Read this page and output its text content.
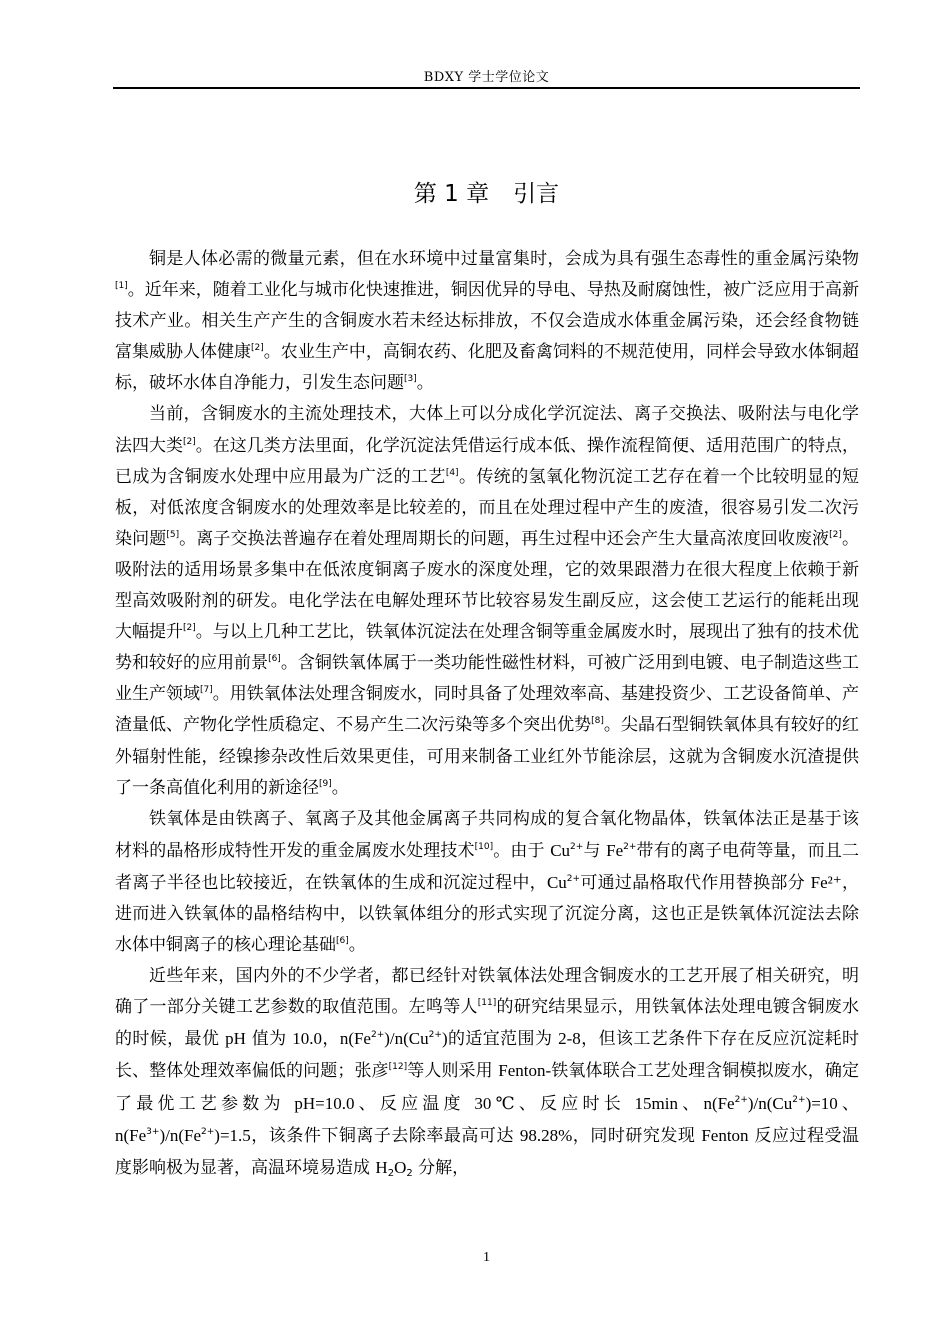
BDXY 学士学位论文
第 1 章 引言

铜是人体必需的微量元素，但在水环境中过量富集时，会成为具有强生态毒性的重金属污染物[1]。近年来，随着工业化与城市化快速推进，铜因优异的导电、导热及耐腐蚀性，被广泛应用于高新技术产业。相关生产产生的含铜废水若未经达标排放，不仅会造成水体重金属污染，还会经食物链富集威胁人体健康[2]。农业生产中，高铜农药、化肥及畜禽饲料的不规范使用，同样会导致水体铜超标，破坏水体自净能力，引发生态问题[3]。

当前，含铜废水的主流处理技术，大体上可以分成化学沉淀法、离子交换法、吸附法与电化学法四大类[2]。在这几类方法里面，化学沉淀法凭借运行成本低、操作流程简便、适用范围广的特点，已成为含铜废水处理中应用最为广泛的工艺[4]。传统的氢氧化物沉淀工艺存在着一个比较明显的短板，对低浓度含铜废水的处理效率是比较差的，而且在处理过程中产生的废渣，很容易引发二次污染问题[5]。离子交换法普遍存在着处理周期长的问题，再生过程中还会产生大量高浓度回收废液[2]。吸附法的适用场景多集中在低浓度铜离子废水的深度处理，它的效果跟潜力在很大程度上依赖于新型高效吸附剂的研发。电化学法在电解处理环节比较容易发生副反应，这会使工艺运行的能耗出现大幅提升[2]。与以上几种工艺比，铁氧体沉淀法在处理含铜等重金属废水时，展现出了独有的技术优势和较好的应用前景[6]。含铜铁氧体属于一类功能性磁性材料，可被广泛用到电镀、电子制造这些工业生产领域[7]。用铁氧体法处理含铜废水，同时具备了处理效率高、基建投资少、工艺设备简单、产渣量低、产物化学性质稳定、不易产生二次污染等多个突出优势[8]。尖晶石型铜铁氧体具有较好的红外辐射性能，经镍掺杂改性后效果更佳，可用来制备工业红外节能涂层，这就为含铜废水沉渣提供了一条高值化利用的新途径[9]。

铁氧体是由铁离子、氧离子及其他金属离子共同构成的复合氧化物晶体，铁氧体法正是基于该材料的晶格形成特性开发的重金属废水处理技术[10]。由于 $Cu^{2+}$与 $Fe^{2+}$带有的离子电荷等量，而且二者离子半径也比较接近，在铁氧体的生成和沉淀过程中，$Cu^{2+}$可通过晶格取代作用替换部分 Fe²⁺，进而进入铁氧体的晶格结构中，以铁氧体组分的形式实现了沉淀分离，这也正是铁氧体沉淀法去除水体中铜离子的核心理论基础[6]。

近些年来，国内外的不少学者，都已经针对铁氧体法处理含铜废水的工艺开展了相关研究，明确了一部分关键工艺参数的取值范围。左鸣等人[11]的研究结果显示，用铁氧体法处理电镀含铜废水的时候，最优 pH 值为 10.0，$n(Fe^{2+})/n(Cu^{2+})$的适宜范围为 2-8，但该工艺条件下存在反应沉淀耗时长、整体处理效率偏低的问题；张彦[12]等人则采用 Fenton-铁氧体联合工艺处理含铜模拟废水，确定了最优工艺参数为 pH=10.0、反应温度 30℃、反应时长 15min、$n(Fe^{2+})/n(Cu^{2+})=10$、$n(Fe^{3+})/n(Fe^{2+})=1.5$，该条件下铜离子去除率最高可达 98.28%，同时研究发现 Fenton 反应过程受温度影响极为显著，高温环境易造成 $H_2O_2$ 分解，

1
